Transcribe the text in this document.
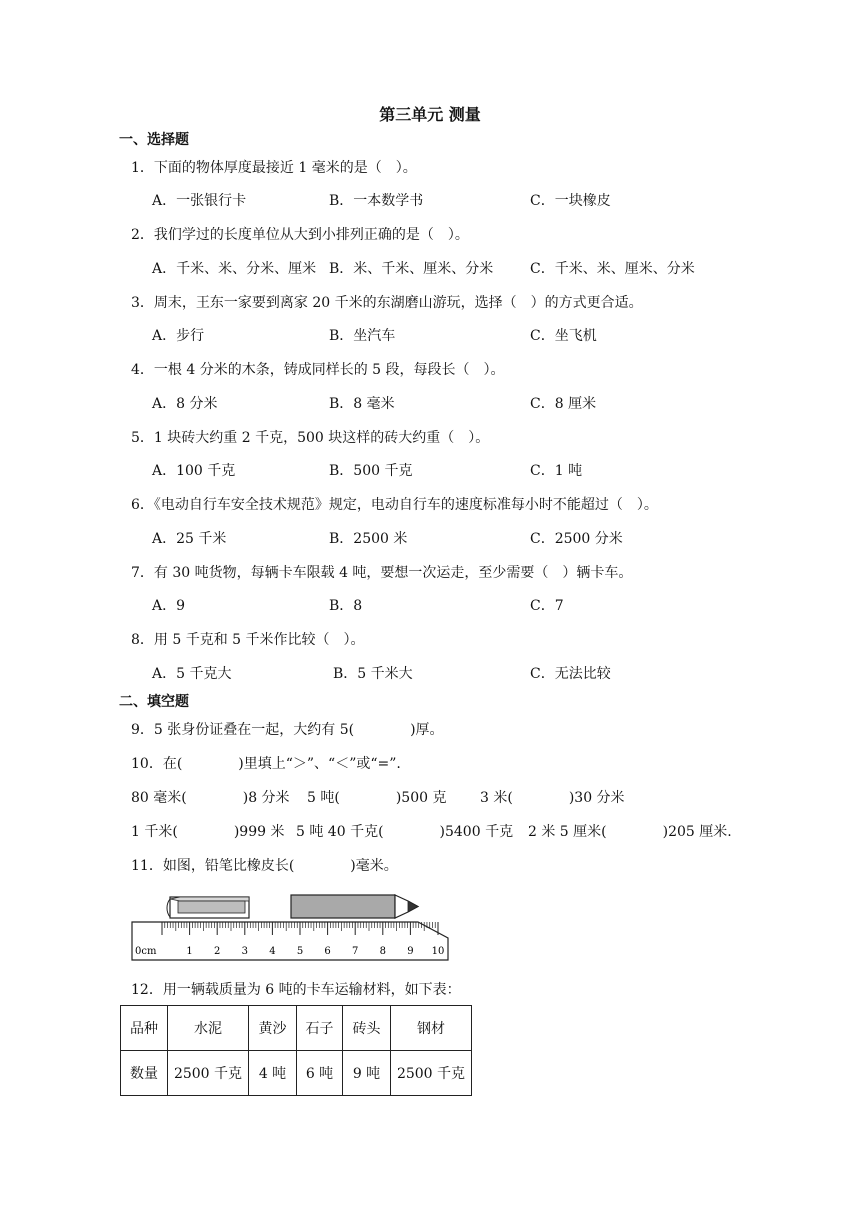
第三单元 测量
一、选择题
1．下面的物体厚度最接近 1 毫米的是（　）。
A．一张银行卡	B．一本数学书	C．一块橡皮
2．我们学过的长度单位从大到小排列正确的是（　）。
A．千米、米、分米、厘米 B．米、千米、厘米、分米	C．千米、米、厘米、分米
3．周末，王东一家要到离家 20 千米的东湖磨山游玩，选择（　）的方式更合适。
A．步行	B．坐汽车	C．坐飞机
4．一根 4 分米的木条，铸成同样长的 5 段，每段长（　）。
A．8 分米	B．8 毫米	C．8 厘米
5．1 块砖大约重 2 千克，500 块这样的砖大约重（　）。
A．100 千克	B．500 千克	C．1 吨
6．《电动自行车安全技术规范》规定，电动自行车的速度标准每小时不能超过（　）。
A．25 千米	B．2500 米	C．2500 分米
7．有 30 吨货物，每辆卡车限载 4 吨，要想一次运走，至少需要（　）辆卡车。
A．9	B．8	C．7
8．用 5 千克和 5 千米作比较（　）。
A．5 千克大	B．5 千米大	C．无法比较
二、填空题
9．5 张身份证叠在一起，大约有 5(　　　　)厚。
10．在(　　　　)里填上“＞”、“＜”或“=”.
80 毫米(　　　　)8 分米 5 吨(　　　　)500 克 3 米(　　　　)30 分米
1 千米(　　　　)999 米 5 吨 40 千克(　　　　)5400 千克 2 米 5 厘米(　　　　)205 厘米.
11．如图，铅笔比橡皮长(　　　　)毫米。
0cm	1 2 3 4 5 6 7 8 9 10
12．用一辆载质量为 6 吨的卡车运输材料，如下表：
品种	水泥	黄沙	石子	砖头	钢材
数量	2500 千克	4 吨	6 吨	9 吨	2500 千克
